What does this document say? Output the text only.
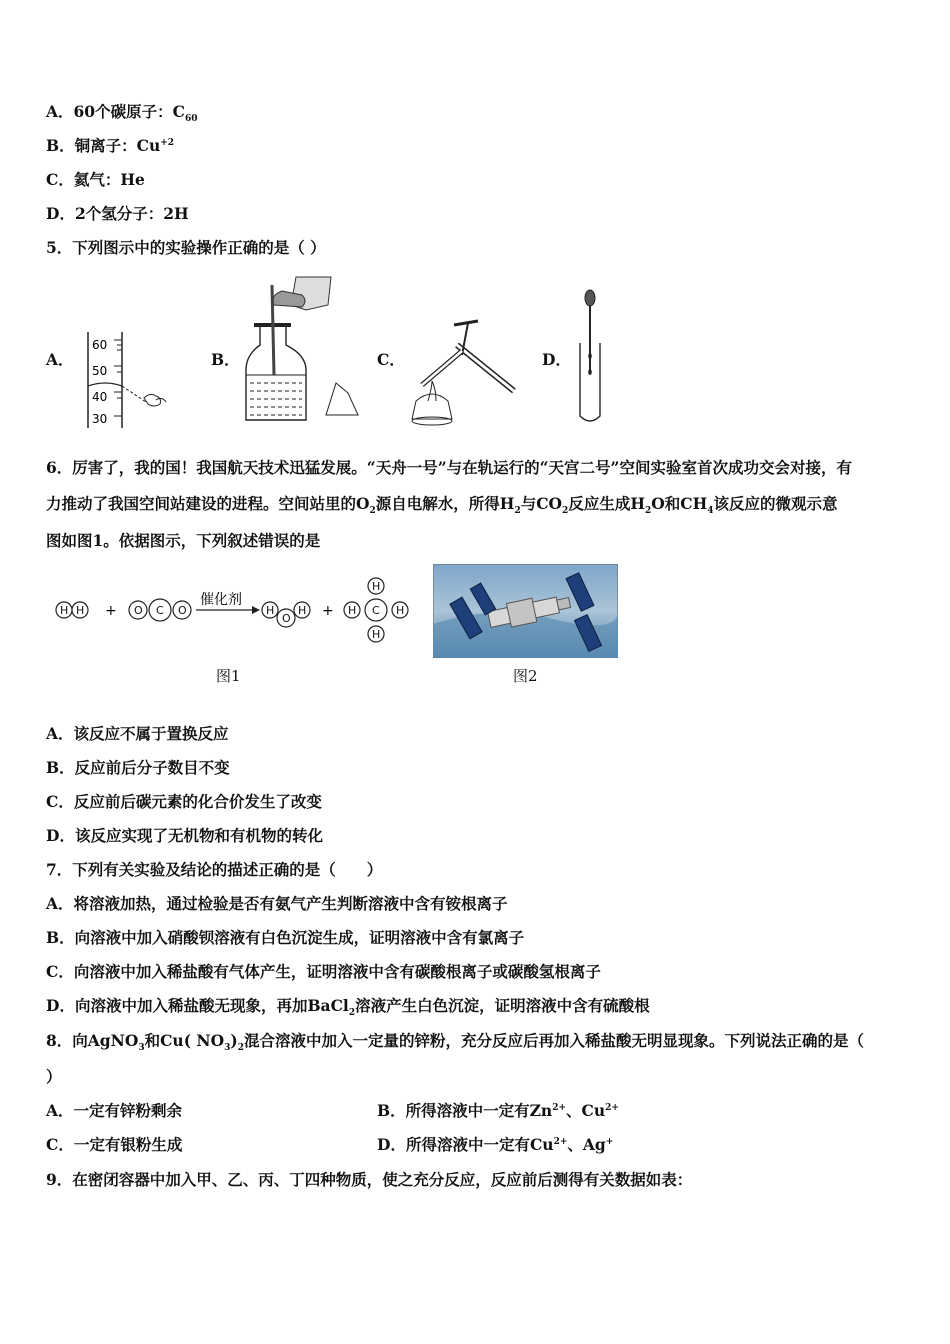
A．60个碳原子：$C_{60}$
B．铜离子：$Cu^{+2}$
C．氦气：He
D．2个氢分子：2H
5．下列图示中的实验操作正确的是（ ）
A．	B．	C．	D．
60
50
40
30
6．厉害了，我的国！我国航天技术迅猛发展。“天舟一号”与在轨运行的“天宫二号”空间实验室首次成功交会对接，有
力推动了我国空间站建设的进程。空间站里的$O_2$源自电解水，所得$H_2$与$CO_2$反应生成$H_2O$和$CH_4$该反应的微观示意
图如图1。依据图示，下列叙述错误的是
H H + O C O
催化剂
H
O
H +
H
H C H
H
图1	图2
A．该反应不属于置换反应
B．反应前后分子数目不变
C．反应前后碳元素的化合价发生了改变
D．该反应实现了无机物和有机物的转化
7．下列有关实验及结论的描述正确的是（　　）
A．将溶液加热，通过检验是否有氨气产生判断溶液中含有铵根离子
B．向溶液中加入硝酸钡溶液有白色沉淀生成，证明溶液中含有氯离子
C．向溶液中加入稀盐酸有气体产生，证明溶液中含有碳酸根离子或碳酸氢根离子
D．向溶液中加入稀盐酸无现象，再加BaCl$_2$溶液产生白色沉淀，证明溶液中含有硫酸根
8．向AgNO$_3$和Cu( $NO_3)_2$混合溶液中加入一定量的锌粉，充分反应后再加入稀盐酸无明显现象。下列说法正确的是（
）
A．一定有锌粉剩余	B．所得溶液中一定有$Zn^{2+}$、$Cu^{2+}$
C．一定有银粉生成	D．所得溶液中一定有$Cu^{2+}$、Ag+
9．在密闭容器中加入甲、乙、丙、丁四种物质，使之充分反应，反应前后测得有关数据如表：
